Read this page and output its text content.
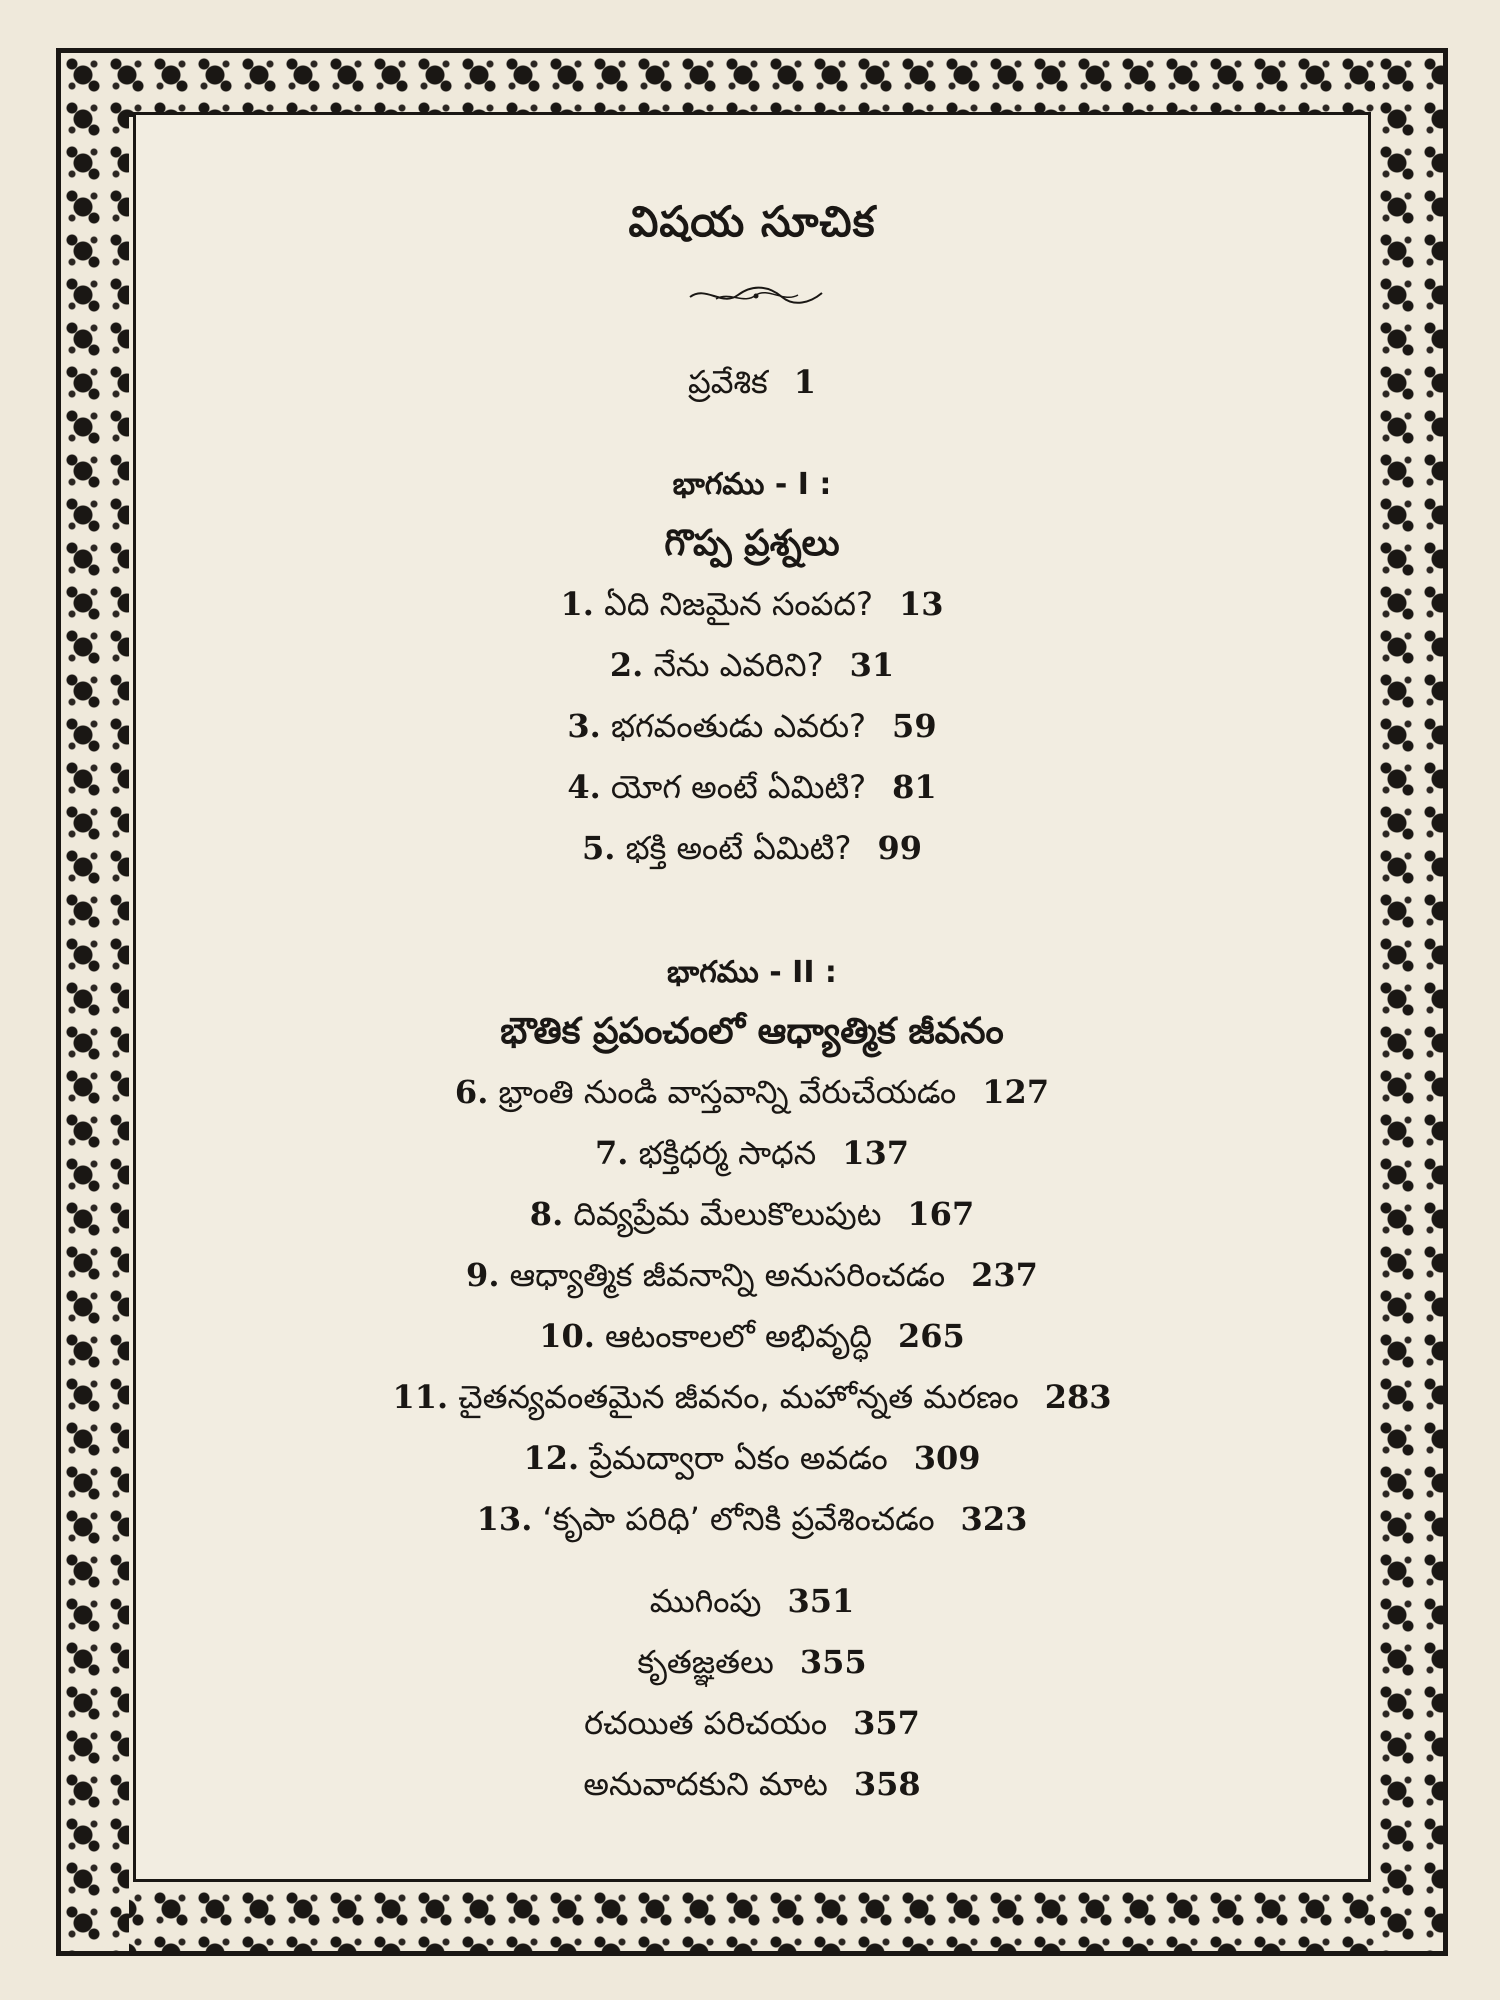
విషయ సూచిక
ప్రవేశిక 1
భాగము - I :
గొప్ప ప్రశ్నలు
1. ఏది నిజమైన సంపద? 13
2. నేను ఎవరిని? 31
3. భగవంతుడు ఎవరు? 59
4. యోగ అంటే ఏమిటి? 81
5. భక్తి అంటే ఏమిటి? 99
భాగము - II :
భౌతిక ప్రపంచంలో ఆధ్యాత్మిక జీవనం
6. భ్రాంతి నుండి వాస్తవాన్ని వేరుచేయడం 127
7. భక్తిధర్మ సాధన 137
8. దివ్యప్రేమ మేలుకొలుపుట 167
9. ఆధ్యాత్మిక జీవనాన్ని అనుసరించడం 237
10. ఆటంకాలలో అభివృద్ధి 265
11. చైతన్యవంతమైన జీవనం, మహోన్నత మరణం 283
12. ప్రేమద్వారా ఏకం అవడం 309
13. ‘కృపా పరిధి’ లోనికి ప్రవేశించడం 323
ముగింపు 351
కృతజ్ఞతలు 355
రచయిత పరిచయం 357
అనువాదకుని మాట 358
